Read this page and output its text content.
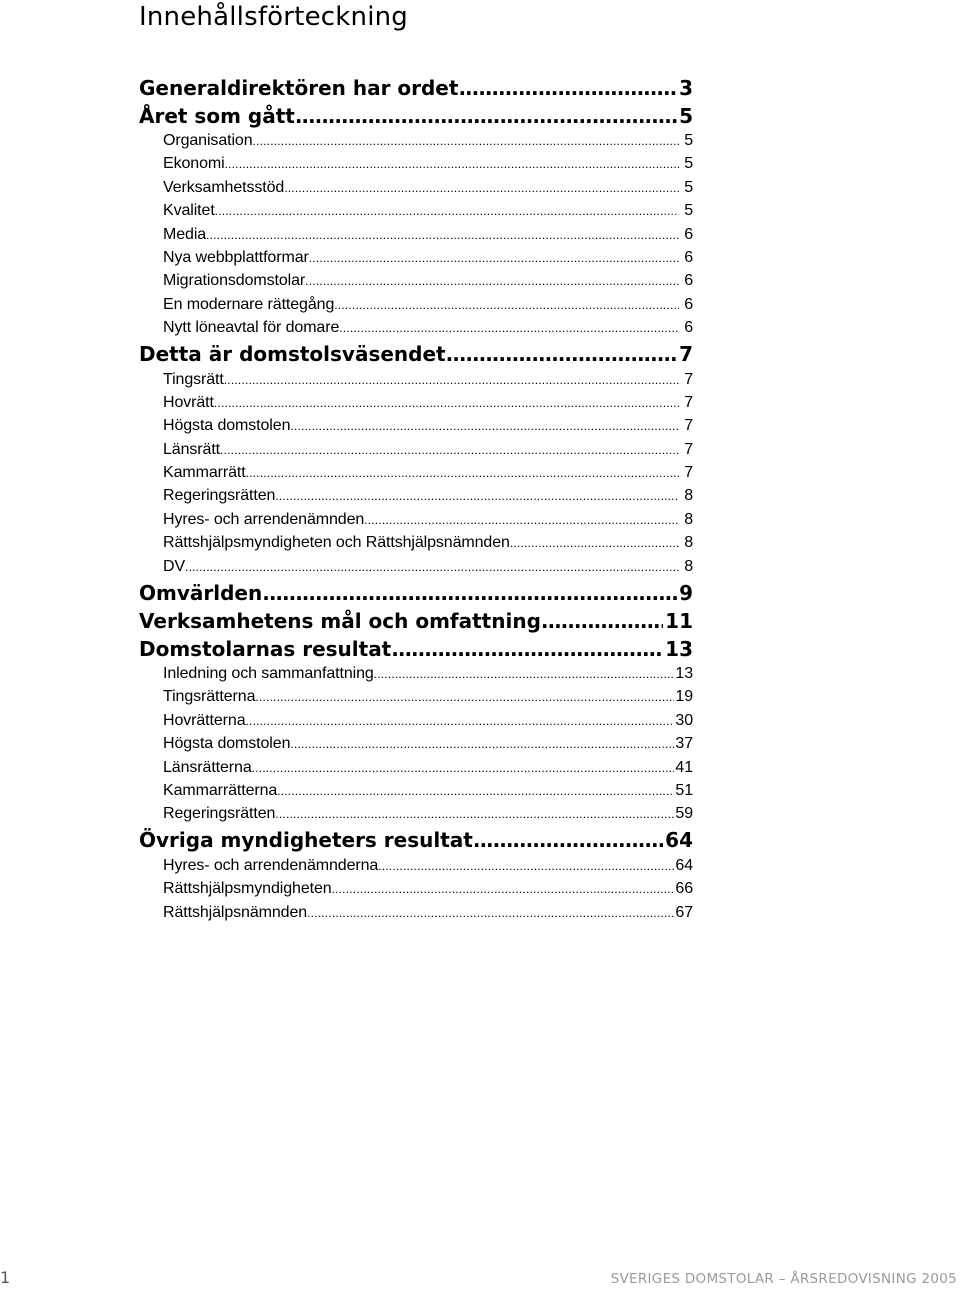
Innehållsförteckning
Generaldirektören har ordet .....	3
Året som gått .....	5
Organisation .....	5
Ekonomi .....	5
Verksamhetsstöd .....	5
Kvalitet .....	5
Media .....	6
Nya webbplattformar .....	6
Migrationsdomstolar .....	6
En modernare rättegång .....	6
Nytt löneavtal för domare .....	6
Detta är domstolsväsendet .....	7
Tingsrätt .....	7
Hovrätt .....	7
Högsta domstolen .....	7
Länsrätt .....	7
Kammarrätt .....	7
Regeringsrätten .....	8
Hyres- och arrendenämnden .....	8
Rättshjälpsmyndigheten och Rättshjälpsnämnden .....	8
DV .....	8
Omvärlden .....	9
Verksamhetens mål och omfattning .....	11
Domstolarnas resultat .....	13
Inledning och sammanfattning .....	13
Tingsrätterna .....	19
Hovrätterna .....	30
Högsta domstolen .....	37
Länsrätterna .....	41
Kammarrätterna .....	51
Regeringsrätten .....	59
Övriga myndigheters resultat .....	64
Hyres- och arrendenämnderna .....	64
Rättshjälpsmyndigheten .....	66
Rättshjälpsnämnden .....	67
1	SVERIGES DOMSTOLAR – ÅRSREDOVISNING 2005
